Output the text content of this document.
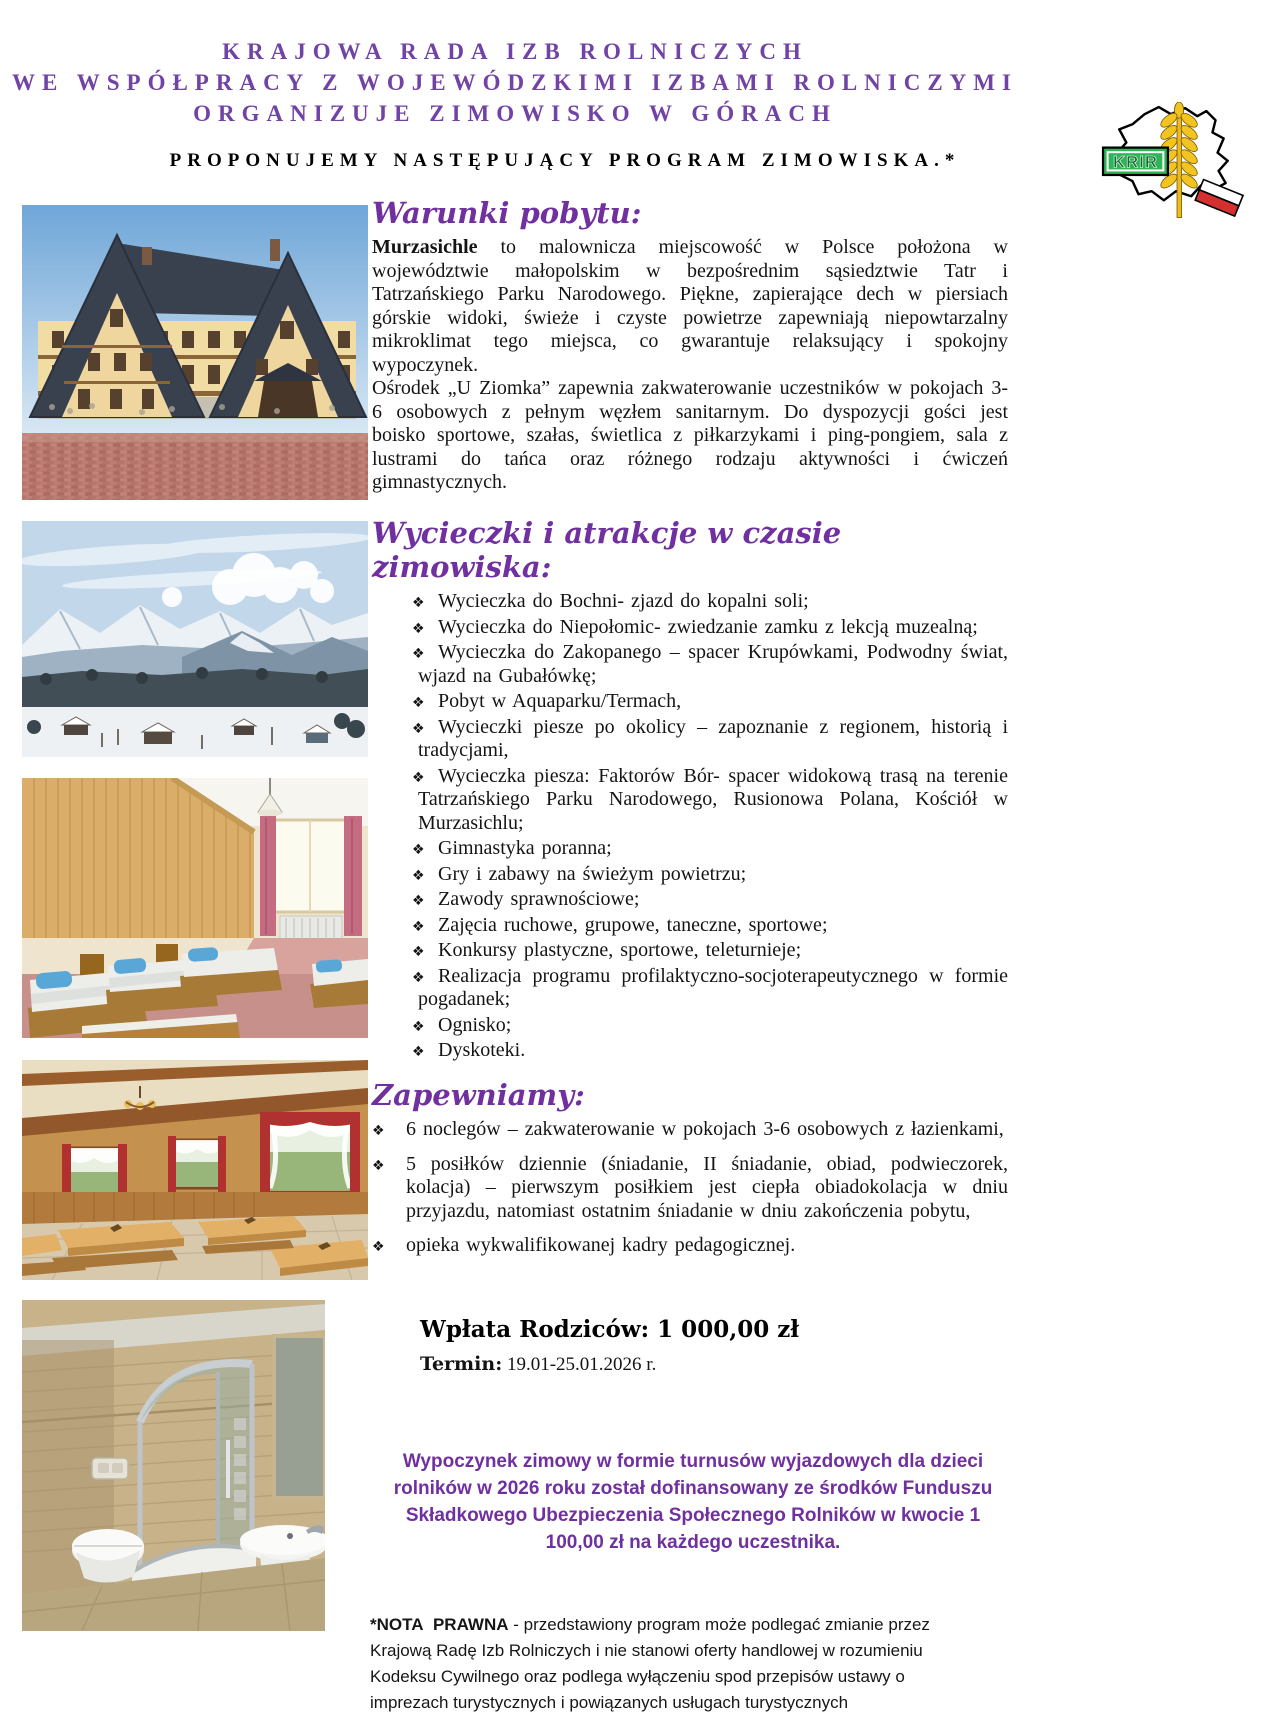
KRAJOWA RADA IZB ROLNICZYCH
WE WSPÓŁPRACY Z WOJEWÓDZKIMI IZBAMI ROLNICZYMI
ORGANIZUJE ZIMOWISKO W GÓRACH
PROPONUJEMY NASTĘPUJĄCY PROGRAM ZIMOWISKA.*	KRIR
Warunki pobytu:
Murzasichle to malownicza miejscowość w Polsce położona w województwie małopolskim w bezpośrednim sąsiedztwie Tatr i Tatrzańskiego Parku Narodowego. Piękne, zapierające dech w piersiach górskie widoki, świeże i czyste powietrze zapewniają niepowtarzalny mikroklimat tego miejsca, co gwarantuje relaksujący i spokojny wypoczynek.
Ośrodek „U Ziomka” zapewnia zakwaterowanie uczestników w pokojach 3-6 osobowych z pełnym węzłem sanitarnym. Do dyspozycji gości jest boisko sportowe, szałas, świetlica z piłkarzykami i ping-pongiem, sala z lustrami do tańca oraz różnego rodzaju aktywności i ćwiczeń gimnastycznych.
Wycieczki i atrakcje w czasie zimowiska:
❖ Wycieczka do Bochni- zjazd do kopalni soli;
❖ Wycieczka do Niepołomic- zwiedzanie zamku z lekcją muzealną;
❖ Wycieczka do Zakopanego – spacer Krupówkami, Podwodny świat, wjazd na Gubałówkę;
❖ Pobyt w Aquaparku/Termach,
❖ Wycieczki piesze po okolicy – zapoznanie z regionem, historią i tradycjami,
❖ Wycieczka piesza: Faktorów Bór- spacer widokową trasą na terenie Tatrzańskiego Parku Narodowego, Rusionowa Polana, Kościół w Murzasichlu;
❖ Gimnastyka poranna;
❖ Gry i zabawy na świeżym powietrzu;
❖ Zawody sprawnościowe;
❖ Zajęcia ruchowe, grupowe, taneczne, sportowe;
❖ Konkursy plastyczne, sportowe, teleturnieje;
❖ Realizacja programu profilaktyczno-socjoterapeutycznego w formie pogadanek;
❖ Ognisko;
❖ Dyskoteki.
Zapewniamy:
❖ 6 noclegów – zakwaterowanie w pokojach 3-6 osobowych z łazienkami,
❖ 5 posiłków dziennie (śniadanie, II śniadanie, obiad, podwieczorek, kolacja) – pierwszym posiłkiem jest ciepła obiadokolacja w dniu przyjazdu, natomiast ostatnim śniadanie w dniu zakończenia pobytu,
❖ opieka wykwalifikowanej kadry pedagogicznej.
Wpłata Rodziców: 1 000,00 zł
Termin: 19.01-25.01.2026 r.
Wypoczynek zimowy w formie turnusów wyjazdowych dla dzieci rolników w 2026 roku został dofinansowany ze środków Funduszu Składkowego Ubezpieczenia Społecznego Rolników w kwocie 1 100,00 zł na każdego uczestnika.
*NOTA  PRAWNA - przedstawiony program może podlegać zmianie przez Krajową Radę Izb Rolniczych i nie stanowi oferty handlowej w rozumieniu Kodeksu Cywilnego oraz podlega wyłączeniu spod przepisów ustawy o imprezach turystycznych i powiązanych usługach turystycznych
